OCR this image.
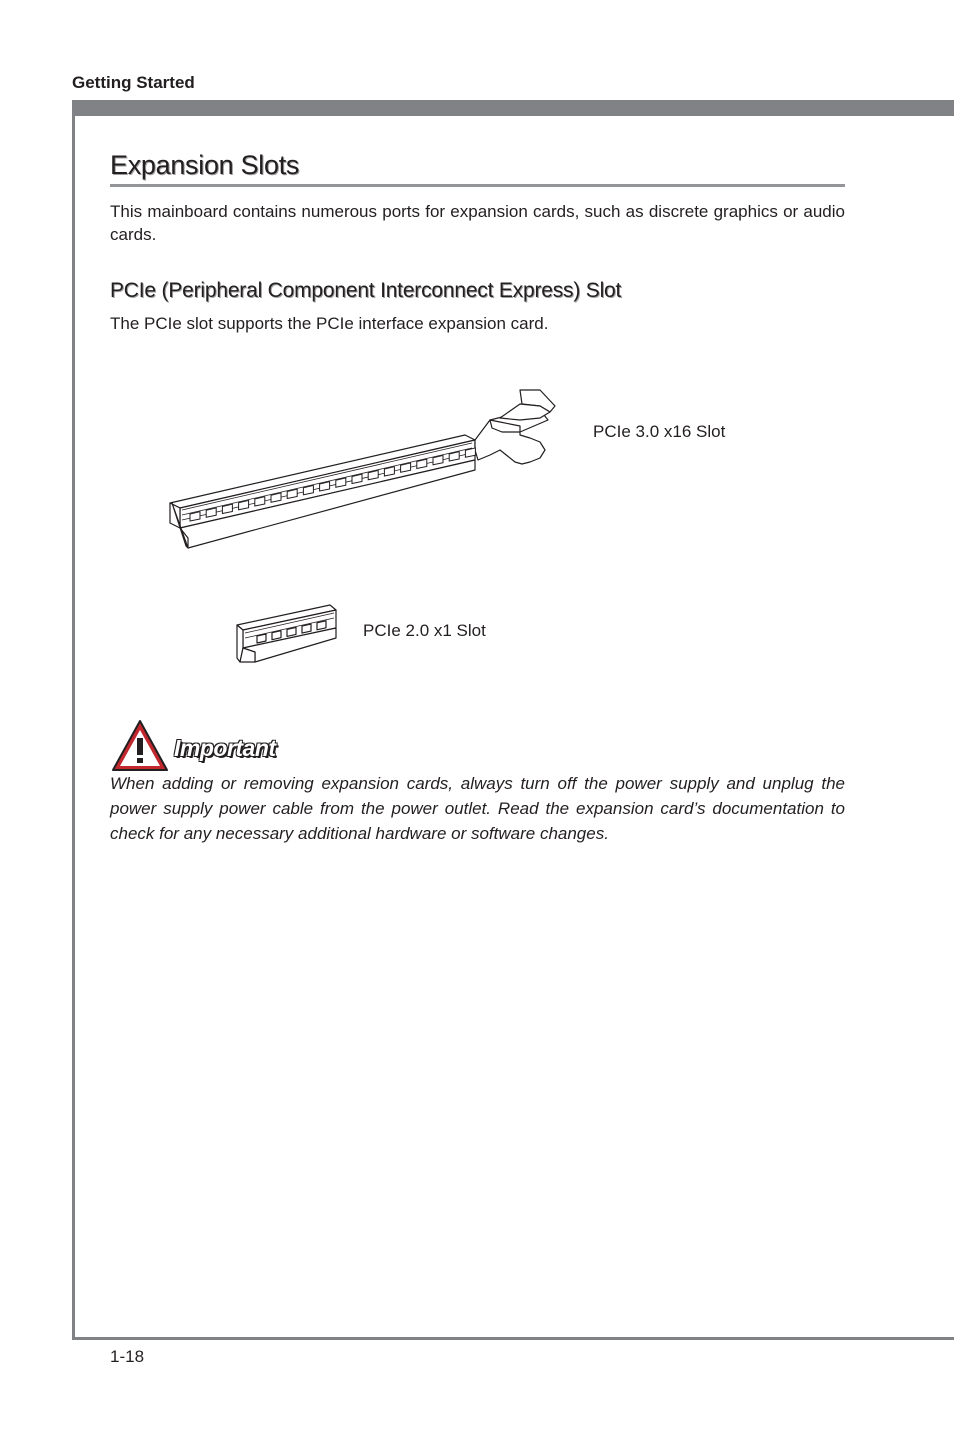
Getting Started
Expansion Slots
This mainboard contains numerous ports for expansion cards, such as discrete graphics or audio cards.
PCIe (Peripheral Component Interconnect Express) Slot
The PCIe slot supports the PCIe interface expansion card.
PCIe 3.0 x16 Slot
PCIe 2.0 x1 Slot
Important
When adding or removing expansion cards, always turn off the power supply and unplug the power supply power cable from the power outlet. Read the expansion card’s documentation to check for any necessary additional hardware or software changes.
1-18
